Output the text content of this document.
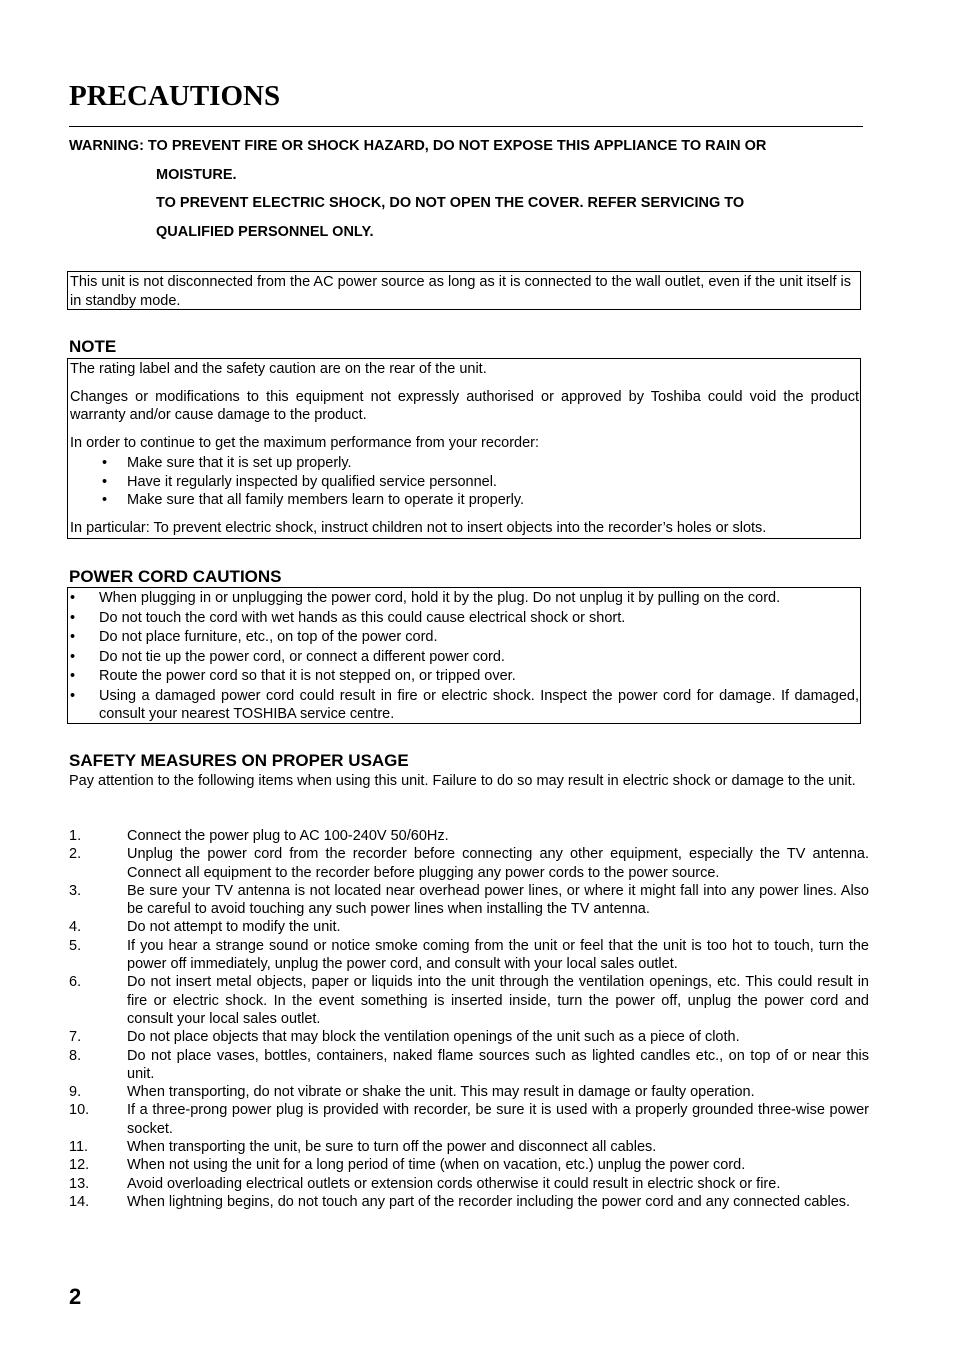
PRECAUTIONS
WARNING: TO PREVENT FIRE OR SHOCK HAZARD, DO NOT EXPOSE THIS APPLIANCE TO RAIN OR
MOISTURE.
TO PREVENT ELECTRIC SHOCK, DO NOT OPEN THE COVER. REFER SERVICING TO
QUALIFIED PERSONNEL ONLY.

This unit is not disconnected from the AC power source as long as it is connected to the wall outlet, even if the unit itself is in standby mode.

NOTE

The rating label and the safety caution are on the rear of the unit.

Changes or modifications to this equipment not expressly authorised or approved by Toshiba could void the product warranty and/or cause damage to the product.

In order to continue to get the maximum performance from your recorder:

• Make sure that it is set up properly.
• Have it regularly inspected by qualified service personnel.
• Make sure that all family members learn to operate it properly.

In particular: To prevent electric shock, instruct children not to insert objects into the recorder’s holes or slots.

POWER CORD CAUTIONS
• When plugging in or unplugging the power cord, hold it by the plug. Do not unplug it by pulling on the cord.
• Do not touch the cord with wet hands as this could cause electrical shock or short.
• Do not place furniture, etc., on top of the power cord.
• Do not tie up the power cord, or connect a different power cord.
• Route the power cord so that it is not stepped on, or tripped over.
• Using a damaged power cord could result in fire or electric shock. Inspect the power cord for damage. If damaged, consult your nearest TOSHIBA service centre.
SAFETY MEASURES ON PROPER USAGE
Pay attention to the following items when using this unit. Failure to do so may result in electric shock or damage to the unit.
1.	Connect the power plug to AC 100-240V 50/60Hz.
2.	Unplug the power cord from the recorder before connecting any other equipment, especially the TV antenna. Connect all equipment to the recorder before plugging any power cords to the power source.
3.	Be sure your TV antenna is not located near overhead power lines, or where it might fall into any power lines. Also be careful to avoid touching any such power lines when installing the TV antenna.
4.	Do not attempt to modify the unit.
5.	If you hear a strange sound or notice smoke coming from the unit or feel that the unit is too hot to touch, turn the power off immediately, unplug the power cord, and consult with your local sales outlet.
6.	Do not insert metal objects, paper or liquids into the unit through the ventilation openings, etc. This could result in fire or electric shock. In the event something is inserted inside, turn the power off, unplug the power cord and consult your local sales outlet.
7.	Do not place objects that may block the ventilation openings of the unit such as a piece of cloth.
8.	Do not place vases, bottles, containers, naked flame sources such as lighted candles etc., on top of or near this unit.
9.	When transporting, do not vibrate or shake the unit. This may result in damage or faulty operation.
10.	If a three-prong power plug is provided with recorder, be sure it is used with a properly grounded three-wise power socket.
11.	When transporting the unit, be sure to turn off the power and disconnect all cables.
12.	When not using the unit for a long period of time (when on vacation, etc.) unplug the power cord.
13.	Avoid overloading electrical outlets or extension cords otherwise it could result in electric shock or fire.
14.	When lightning begins, do not touch any part of the recorder including the power cord and any connected cables.
2
